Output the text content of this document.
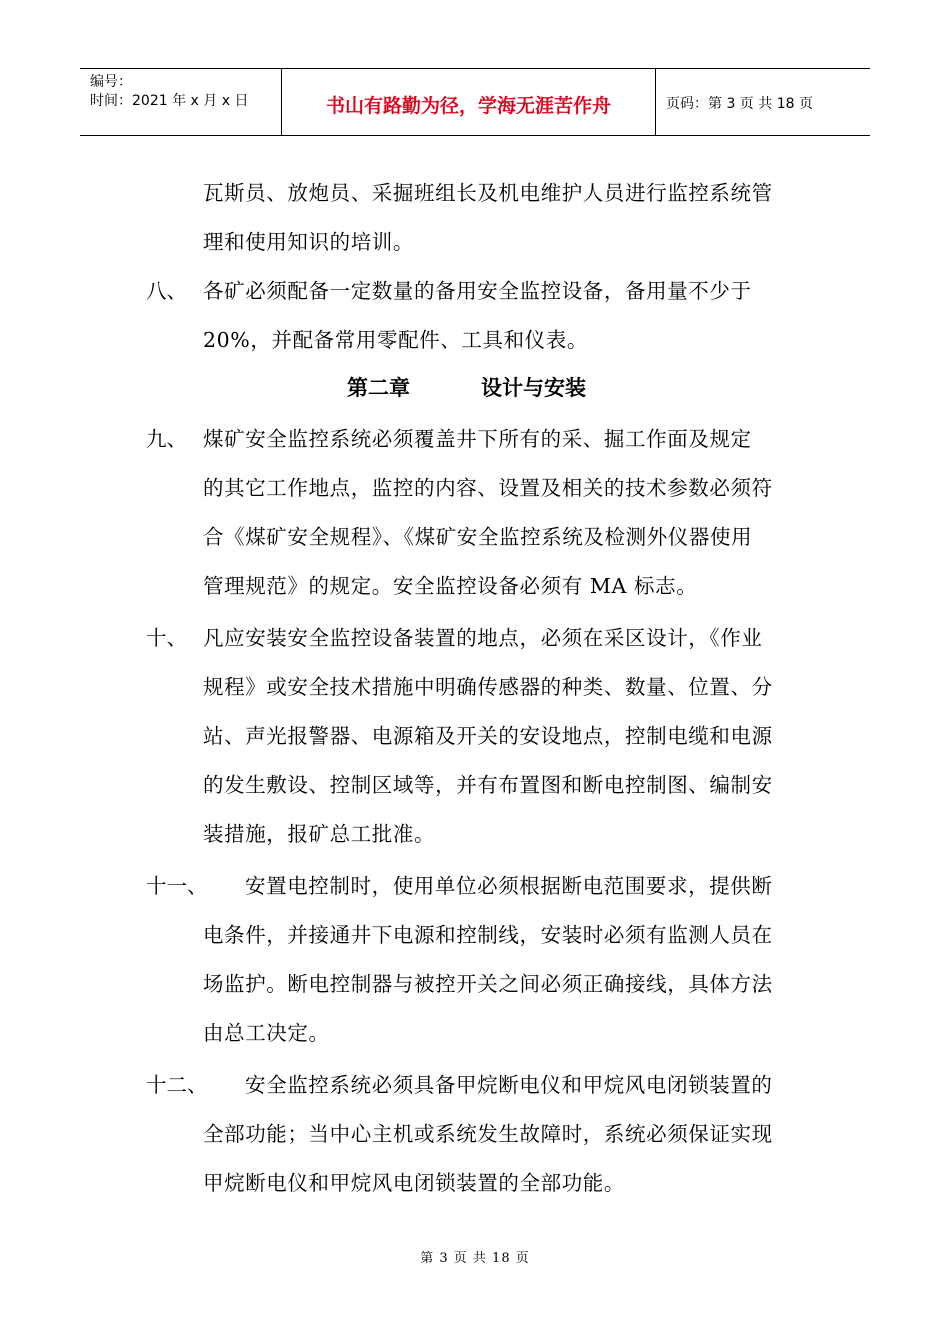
编号：
时间：2021 年 x 月 x 日	书山有路勤为径，学海无涯苦作舟	页码：第 3 页 共 18 页
瓦斯员、放炮员、采掘班组长及机电维护人员进行监控系统管
理和使用知识的培训。
八、 各矿必须配备一定数量的备用安全监控设备，备用量不少于
20%，并配备常用零配件、工具和仪表。
第二章	设计与安装
九、 煤矿安全监控系统必须覆盖井下所有的采、掘工作面及规定
的其它工作地点，监控的内容、设置及相关的技术参数必须符
合《煤矿安全规程》、《煤矿安全监控系统及检测外仪器使用
管理规范》的规定。安全监控设备必须有 MA 标志。
十、 凡应安装安全监控设备装置的地点，必须在采区设计，《作业
规程》或安全技术措施中明确传感器的种类、数量、位置、分
站、声光报警器、电源箱及开关的安设地点，控制电缆和电源
的发生敷设、控制区域等，并有布置图和断电控制图、编制安
装措施，报矿总工批准。
十一、 安置电控制时，使用单位必须根据断电范围要求，提供断
电条件，并接通井下电源和控制线，安装时必须有监测人员在
场监护。断电控制器与被控开关之间必须正确接线，具体方法
由总工决定。
十二、 安全监控系统必须具备甲烷断电仪和甲烷风电闭锁装置的
全部功能；当中心主机或系统发生故障时，系统必须保证实现
甲烷断电仪和甲烷风电闭锁装置的全部功能。
第 3 页 共 18 页
